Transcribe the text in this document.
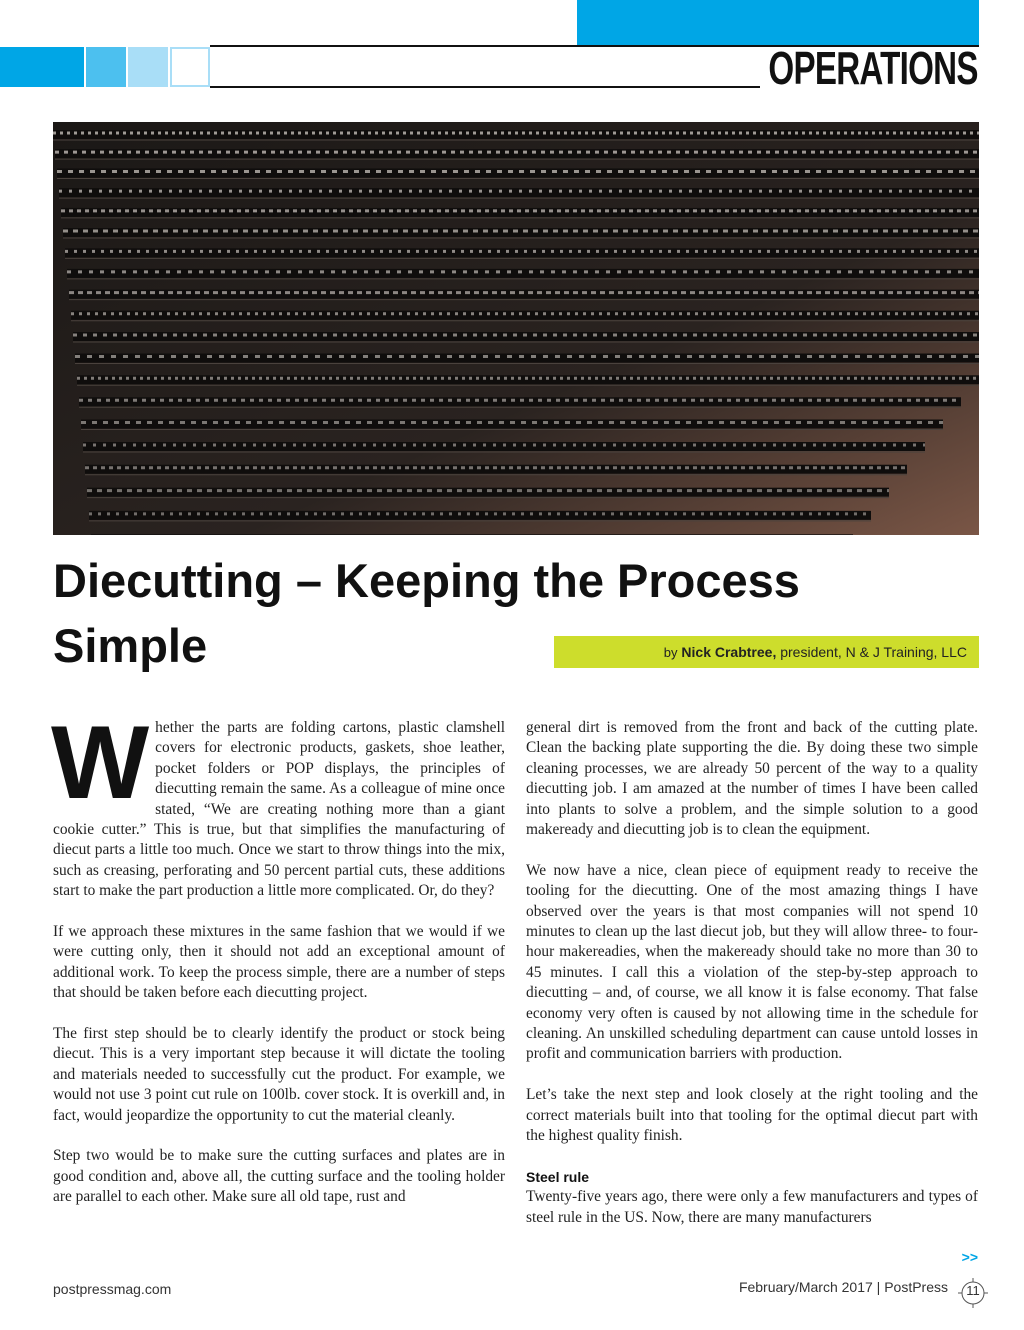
OPERATIONS
Diecutting – Keeping the Process Simple	by Nick Crabtree, president, N & J Training, LLC

Whether the parts are folding cartons, plastic clamshell covers for electronic products, gaskets, shoe leather, pocket folders or POP displays, the principles of diecutting remain the same. As a colleague of mine once stated, “We are creating nothing more than a giant cookie cutter.” This is true, but that simplifies the manufacturing of diecut parts a little too much. Once we start to throw things into the mix, such as creasing, perforating and 50 percent partial cuts, these additions start to make the part production a little more complicated. Or, do they?

If we approach these mixtures in the same fashion that we would if we were cutting only, then it should not add an exceptional amount of additional work. To keep the process simple, there are a number of steps that should be taken before each diecutting project.

The first step should be to clearly identify the product or stock being diecut. This is a very important step because it will dictate the tooling and materials needed to successfully cut the product. For example, we would not use 3 point cut rule on 100lb. cover stock. It is overkill and, in fact, would jeopardize the opportunity to cut the material cleanly.

Step two would be to make sure the cutting surfaces and plates are in good condition and, above all, the cutting surface and the tooling holder are parallel to each other. Make sure all old tape, rust and

general dirt is removed from the front and back of the cutting plate. Clean the backing plate supporting the die. By doing these two simple cleaning processes, we are already 50 percent of the way to a quality diecutting job. I am amazed at the number of times I have been called into plants to solve a problem, and the simple solution to a good makeready and diecutting job is to clean the equipment.

We now have a nice, clean piece of equipment ready to receive the tooling for the diecutting. One of the most amazing things I have observed over the years is that most companies will not spend 10 minutes to clean up the last diecut job, but they will allow three- to four-hour makereadies, when the makeready should take no more than 30 to 45 minutes. I call this a violation of the step-by-step approach to diecutting – and, of course, we all know it is false economy. That false economy very often is caused by not allowing time in the schedule for cleaning. An unskilled scheduling department can cause untold losses in profit and communication barriers with production.

Let’s take the next step and look closely at the right tooling and the correct materials built into that tooling for the optimal diecut part with the highest quality finish.

Steel rule

Twenty-five years ago, there were only a few manufacturers and types of steel rule in the US. Now, there are many manufacturers

>>
postpressmag.com	February/March 2017 | PostPress	11
